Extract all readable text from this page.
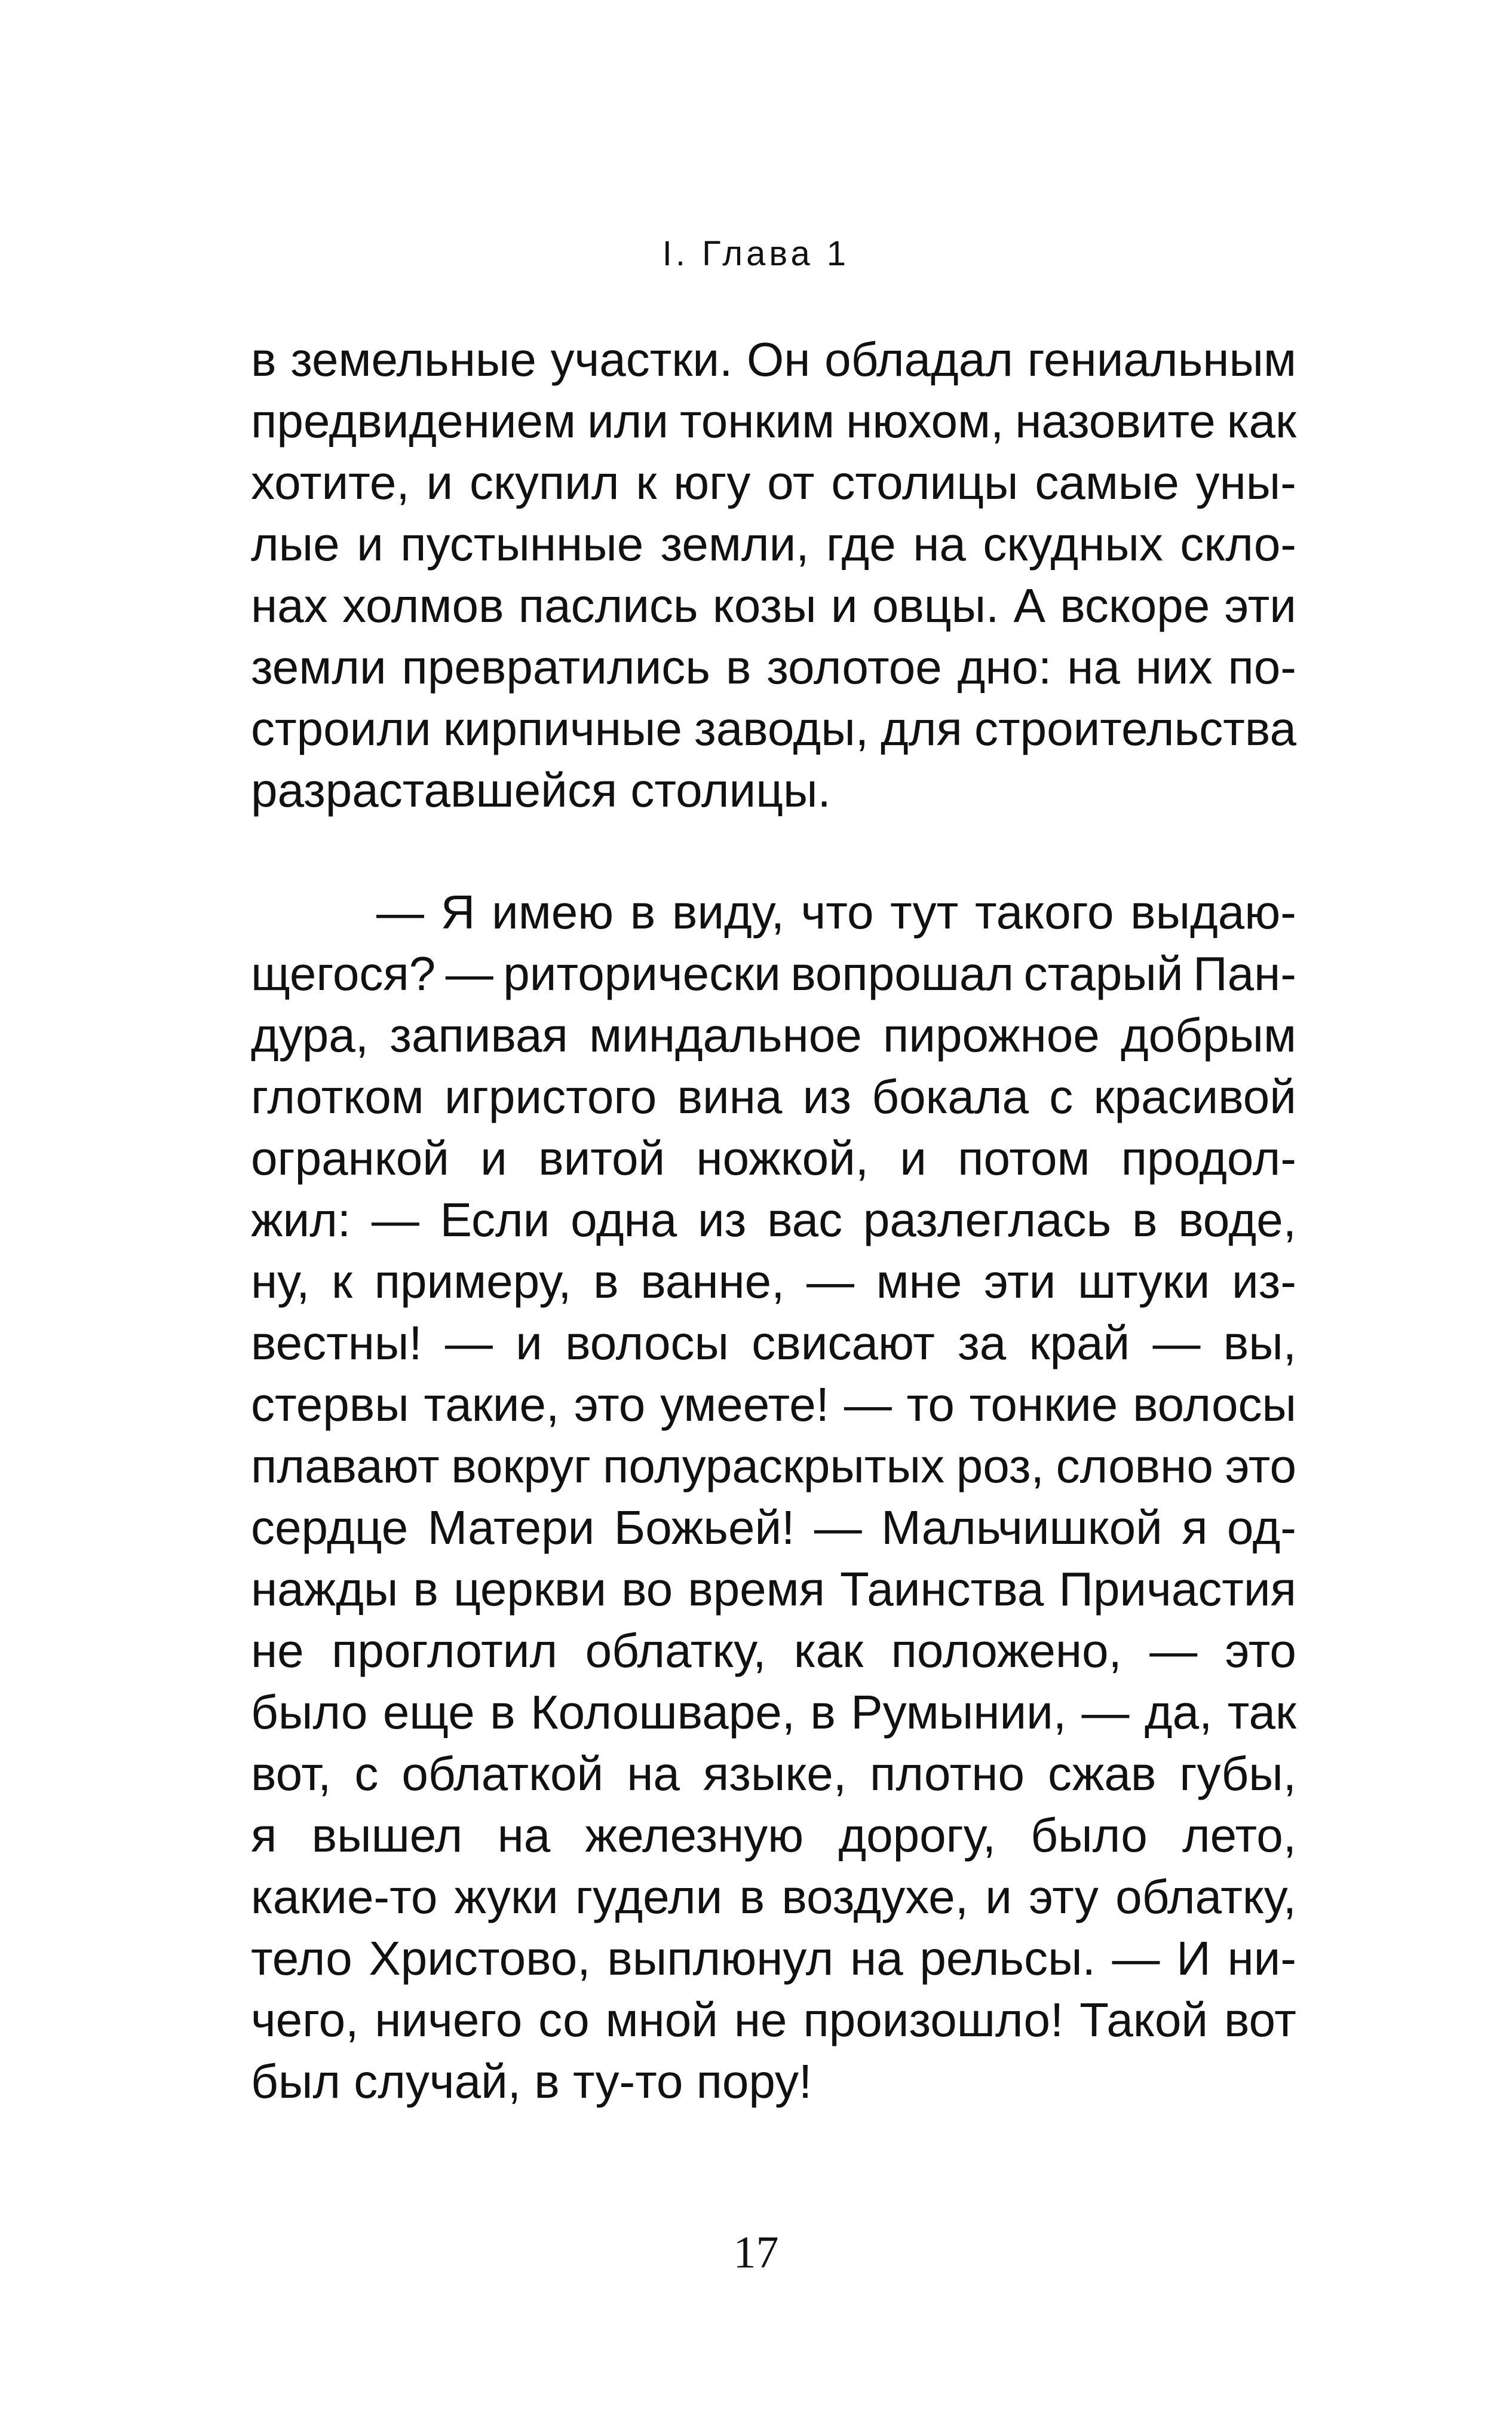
I. Глава 1
в земельные участки. Он обладал гениальным
предвидением или тонким нюхом, назовите как
хотите, и скупил к югу от столицы самые уны-
лые и пустынные земли, где на скудных скло-
нах холмов паслись козы и овцы. А вскоре эти
земли превратились в золотое дно: на них по-
строили кирпичные заводы, для строительства
разраставшейся столицы.
— Я имею в виду, что тут такого выдаю-
щегося? — риторически вопрошал старый Пан-
дура, запивая миндальное пирожное добрым
глотком игристого вина из бокала с красивой
огранкой и витой ножкой, и потом продол-
жил: — Если одна из вас разлеглась в воде,
ну, к примеру, в ванне, — мне эти штуки из-
вестны! — и волосы свисают за край — вы,
стервы такие, это умеете! — то тонкие волосы
плавают вокруг полураскрытых роз, словно это
сердце Матери Божьей! — Мальчишкой я од-
нажды в церкви во время Таинства Причастия
не проглотил облатку, как положено, — это
было еще в Колошваре, в Румынии, — да, так
вот, с облаткой на языке, плотно сжав губы,
я вышел на железную дорогу, было лето,
какие-то жуки гудели в воздухе, и эту облатку,
тело Христово, выплюнул на рельсы. — И ни-
чего, ничего со мной не произошло! Такой вот
был случай, в ту-то пору!
17
